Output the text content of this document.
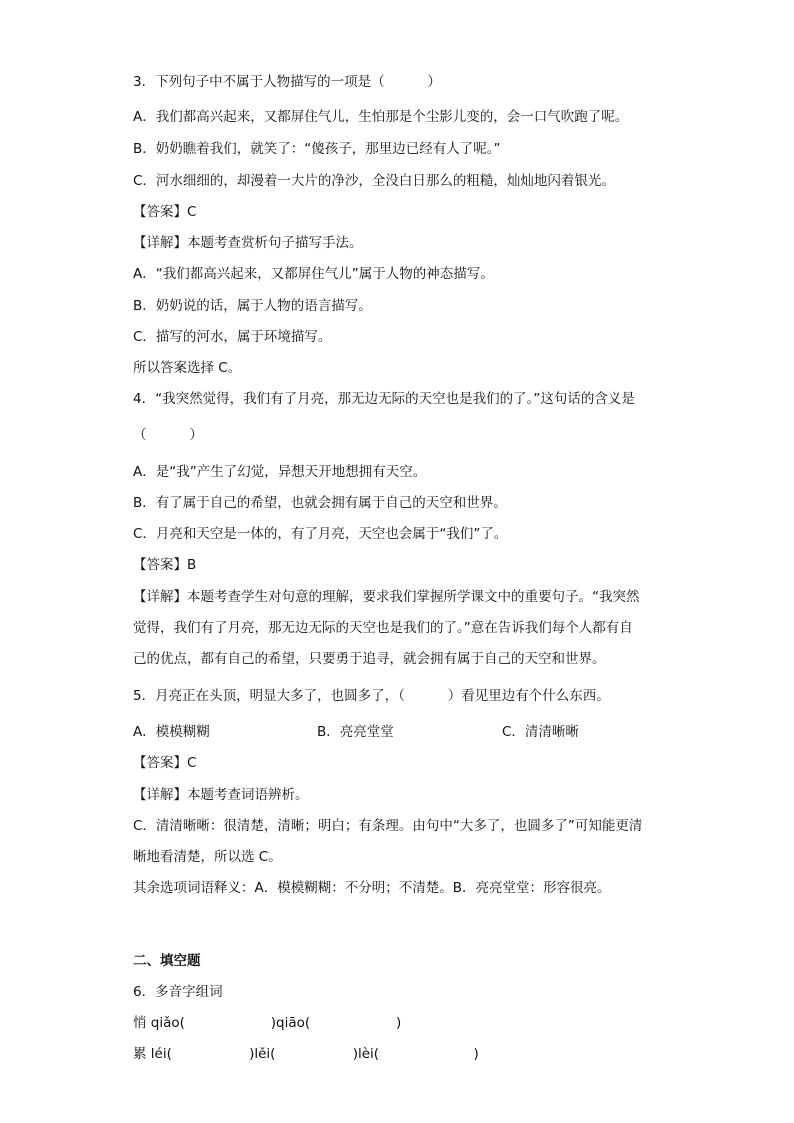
3．下列句子中不属于人物描写的一项是（          ）
A．我们都高兴起来，又都屏住气儿，生怕那是个尘影儿变的，会一口气吹跑了呢。
B．奶奶瞧着我们，就笑了：“傻孩子，那里边已经有人了呢。”
C．河水细细的，却漫着一大片的净沙，全没白日那么的粗糙，灿灿地闪着银光。
【答案】C
【详解】本题考查赏析句子描写手法。
A．“我们都高兴起来，又都屏住气儿”属于人物的神态描写。
B．奶奶说的话，属于人物的语言描写。
C．描写的河水，属于环境描写。
所以答案选择 C。
4．“我突然觉得，我们有了月亮，那无边无际的天空也是我们的了。”这句话的含义是
（          ）
A．是“我”产生了幻觉，异想天开地想拥有天空。
B．有了属于自己的希望，也就会拥有属于自己的天空和世界。
C．月亮和天空是一体的，有了月亮，天空也会属于“我们”了。
【答案】B
【详解】本题考查学生对句意的理解，要求我们掌握所学课文中的重要句子。“我突然
觉得，我们有了月亮，那无边无际的天空也是我们的了。”意在告诉我们每个人都有自
己的优点，都有自己的希望，只要勇于追寻，就会拥有属于自己的天空和世界。
5．月亮正在头顶，明显大多了，也圆多了，（          ）看见里边有个什么东西。
A．模模糊糊	B．亮亮堂堂	C．清清晰晰
【答案】C
【详解】本题考查词语辨析。
C．清清晰晰：很清楚，清晰；明白；有条理。由句中“大多了，也圆多了”可知能更清
晰地看清楚，所以选 C。
其余选项词语释义：A．模模糊糊：不分明；不清楚。B．亮亮堂堂：形容很亮。
二、填空题
6．多音字组词
悄 qiǎo(                    )qiāo(                    )
累 léi(                  )lěi(                  )lèi(                      )
